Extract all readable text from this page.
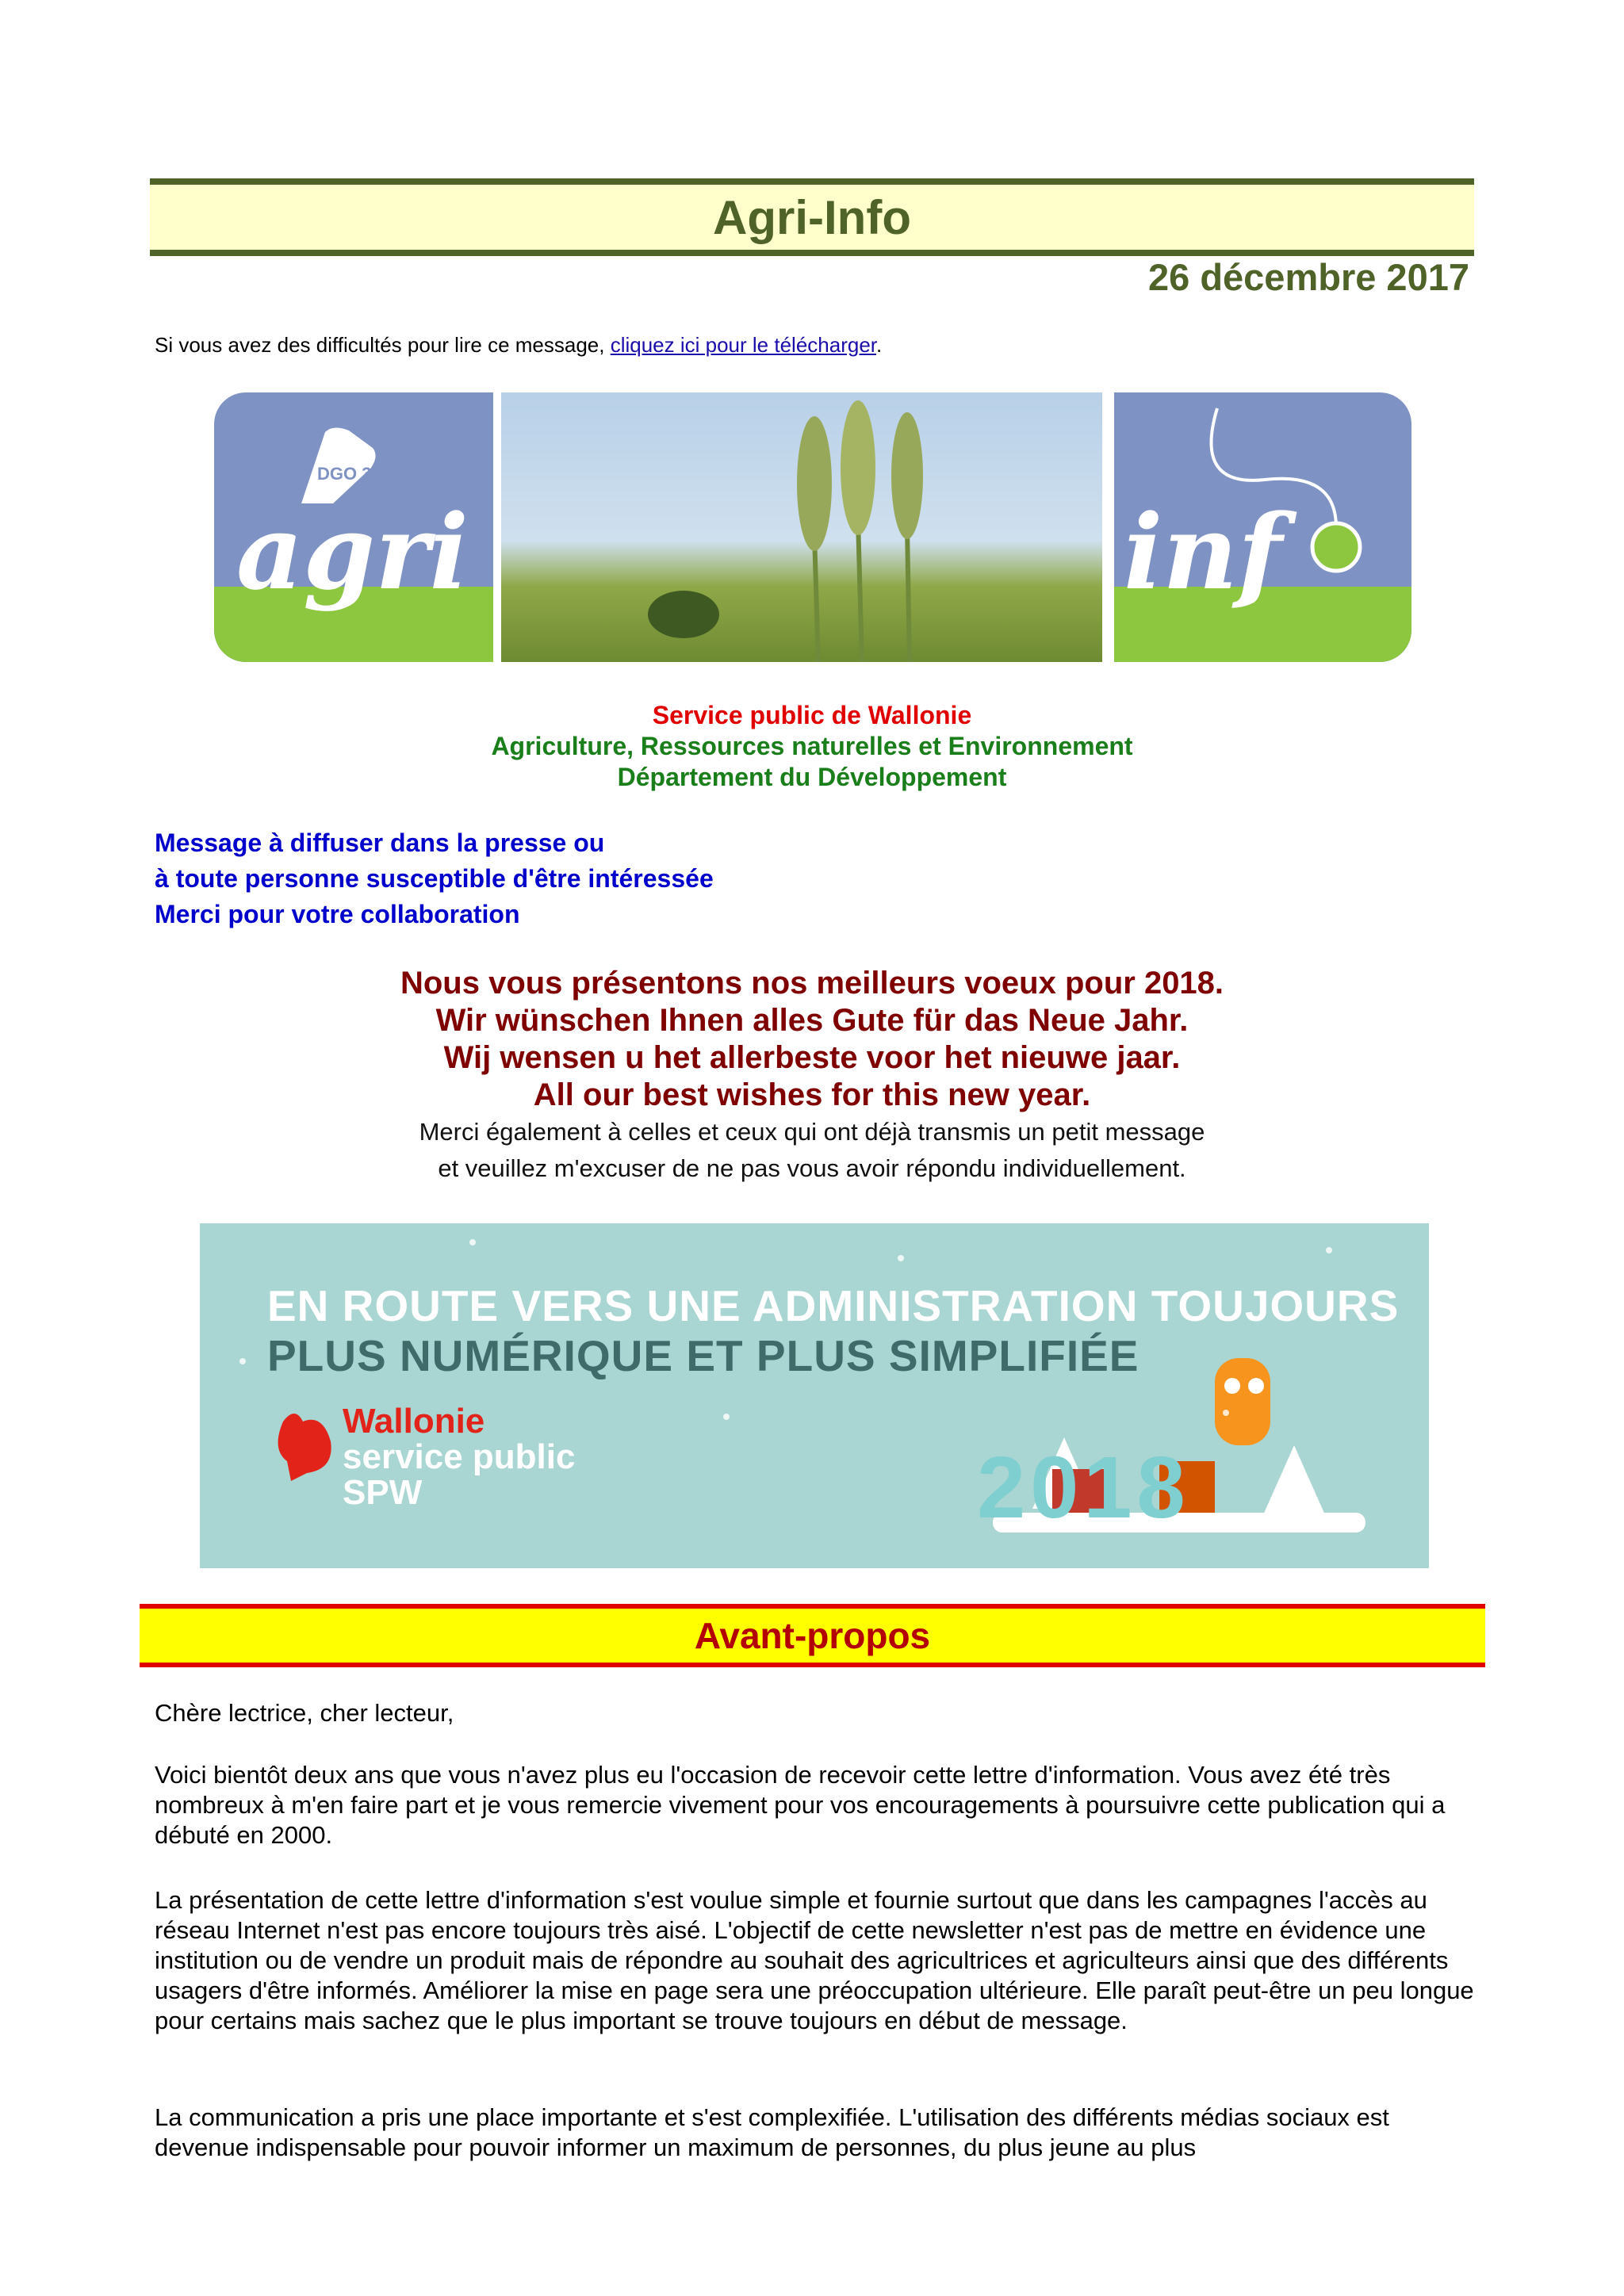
Agri-Info
26 décembre 2017
Si vous avez des difficultés pour lire ce message, cliquez ici pour le télécharger.
DGO 3
agri	inf
Service public de Wallonie
Agriculture, Ressources naturelles et Environnement
Département du Développement
Message à diffuser dans la presse ou
à toute personne susceptible d'être intéressée
Merci pour votre collaboration
Nous vous présentons nos meilleurs voeux pour 2018.
Wir wünschen Ihnen alles Gute für das Neue Jahr.
Wij wensen u het allerbeste voor het nieuwe jaar.
All our best wishes for this new year.
Merci également à celles et ceux qui ont déjà transmis un petit message
et veuillez m'excuser de ne pas vous avoir répondu individuellement.
EN ROUTE VERS UNE ADMINISTRATION TOUJOURS
PLUS NUMÉRIQUE ET PLUS SIMPLIFIÉE
Wallonie
service public
SPW	2018
Avant-propos

Chère lectrice, cher lecteur,

Voici bientôt deux ans que vous n'avez plus eu l'occasion de recevoir cette lettre d'information. Vous avez été très nombreux à m'en faire part et je vous remercie vivement pour vos encouragements à poursuivre cette publication qui a débuté en 2000.

La présentation de cette lettre d'information s'est voulue simple et fournie surtout que dans les campagnes l'accès au réseau Internet n'est pas encore toujours très aisé. L'objectif de cette newsletter n'est pas de mettre en évidence une institution ou de vendre un produit mais de répondre au souhait des agricultrices et agriculteurs ainsi que des différents usagers d'être informés. Améliorer la mise en page sera une préoccupation ultérieure. Elle paraît peut-être un peu longue pour certains mais sachez que le plus important se trouve toujours en début de message.

La communication a pris une place importante et s'est complexifiée. L'utilisation des différents médias sociaux est devenue indispensable pour pouvoir informer un maximum de personnes, du plus jeune au plus
